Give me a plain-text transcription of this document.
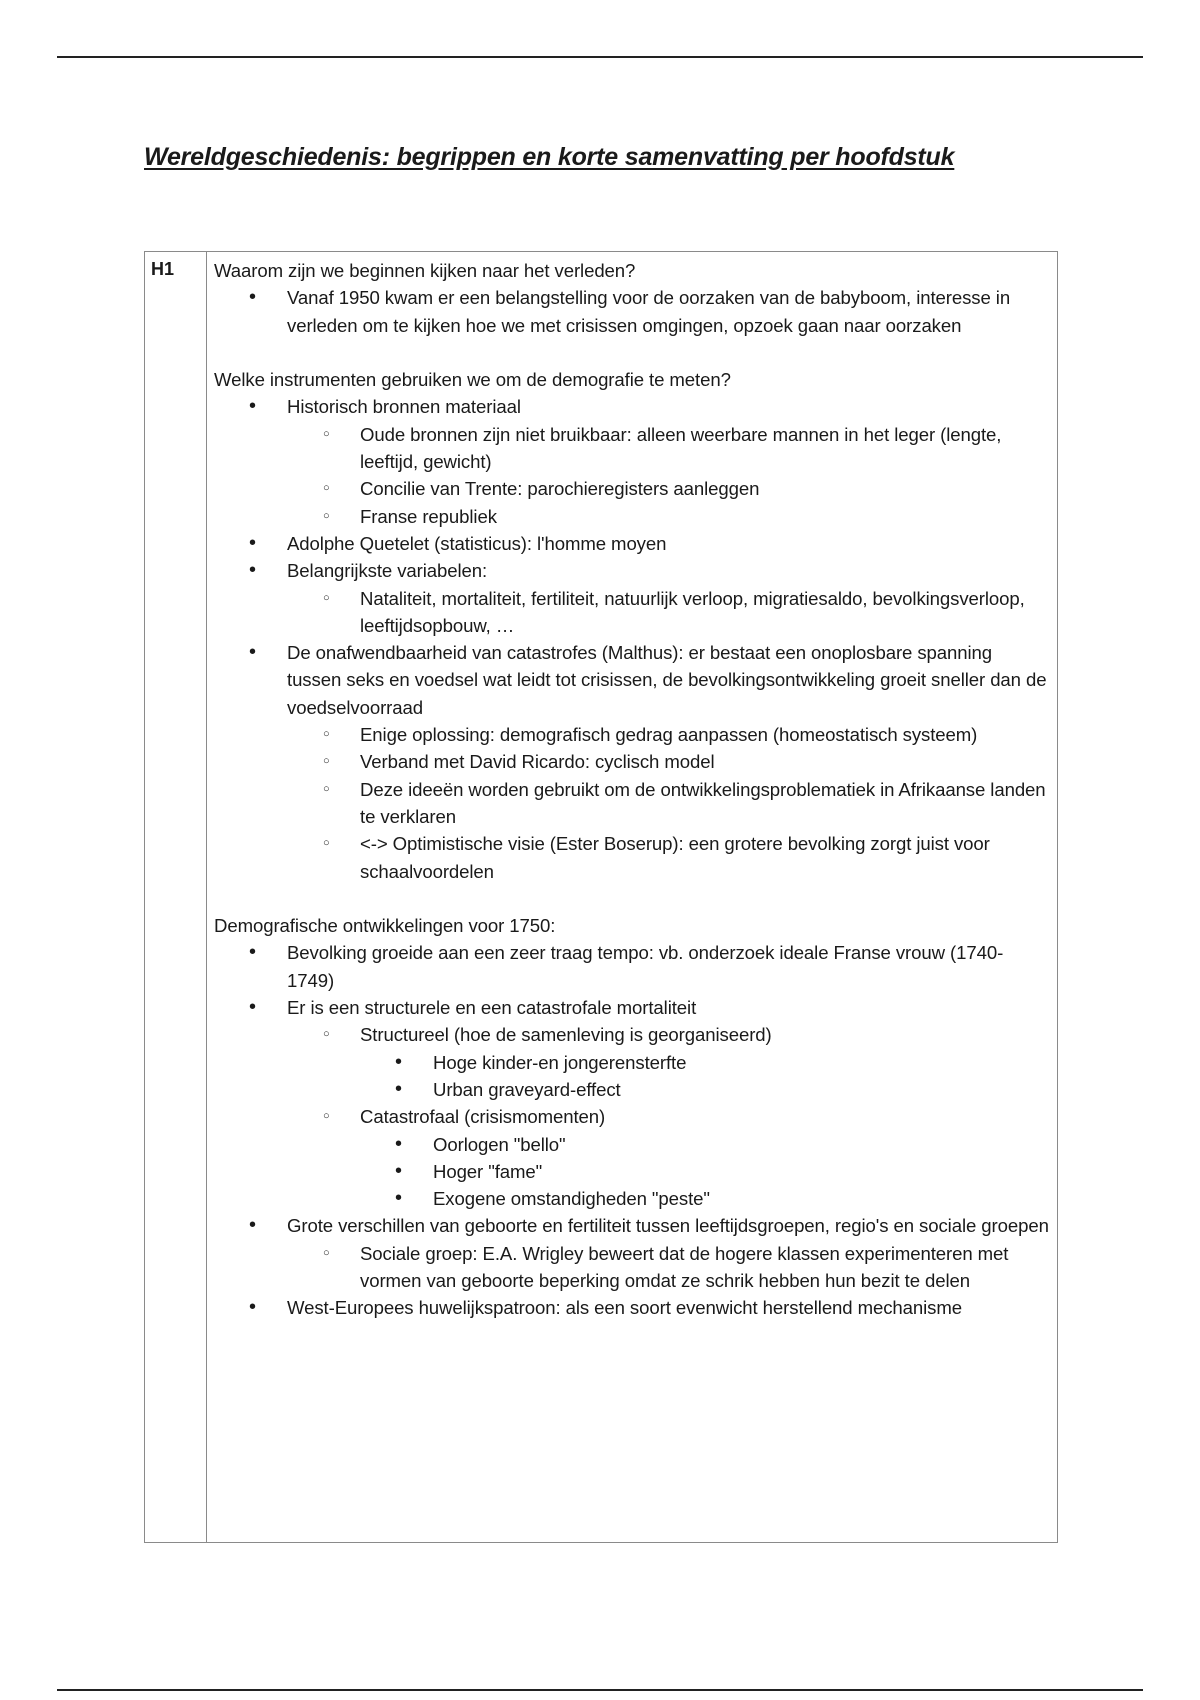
Wereldgeschiedenis: begrippen en korte samenvatting per hoofdstuk
H1 Waarom zijn we beginnen kijken naar het verleden?

• Vanaf 1950 kwam er een belangstelling voor de oorzaken van de babyboom, interesse in verleden om te kijken hoe we met crisissen omgingen, opzoek gaan naar oorzaken

Welke instrumenten gebruiken we om de demografie te meten?

• Historisch bronnen materiaal
○ Oude bronnen zijn niet bruikbaar: alleen weerbare mannen in het leger (lengte, leeftijd, gewicht)
○ Concilie van Trente: parochieregisters aanleggen
○ Franse republiek
• Adolphe Quetelet (statisticus): l'homme moyen
• Belangrijkste variabelen:
○ Nataliteit, mortaliteit, fertiliteit, natuurlijk verloop, migratiesaldo, bevolkingsverloop, leeftijdsopbouw, …
• De onafwendbaarheid van catastrofes (Malthus): er bestaat een onoplosbare spanning tussen seks en voedsel wat leidt tot crisissen, de bevolkingsontwikkeling groeit sneller dan de voedselvoorraad
○ Enige oplossing: demografisch gedrag aanpassen (homeostatisch systeem)
○ Verband met David Ricardo: cyclisch model
○ Deze ideeën worden gebruikt om de ontwikkelingsproblematiek in Afrikaanse landen te verklaren
○ <-> Optimistische visie (Ester Boserup): een grotere bevolking zorgt juist voor schaalvoordelen

Demografische ontwikkelingen voor 1750:

• Bevolking groeide aan een zeer traag tempo: vb. onderzoek ideale Franse vrouw (1740-1749)
• Er is een structurele en een catastrofale mortaliteit
○ Structureel (hoe de samenleving is georganiseerd)
• Hoge kinder-en jongerensterfte
• Urban graveyard-effect
○ Catastrofaal (crisismomenten)
• Oorlogen "bello"
• Hoger "fame"
• Exogene omstandigheden "peste"
• Grote verschillen van geboorte en fertiliteit tussen leeftijdsgroepen, regio's en sociale groepen
○ Sociale groep: E.A. Wrigley beweert dat de hogere klassen experimenteren met vormen van geboorte beperking omdat ze schrik hebben hun bezit te delen
• West-Europees huwelijkspatroon: als een soort evenwicht herstellend mechanisme
